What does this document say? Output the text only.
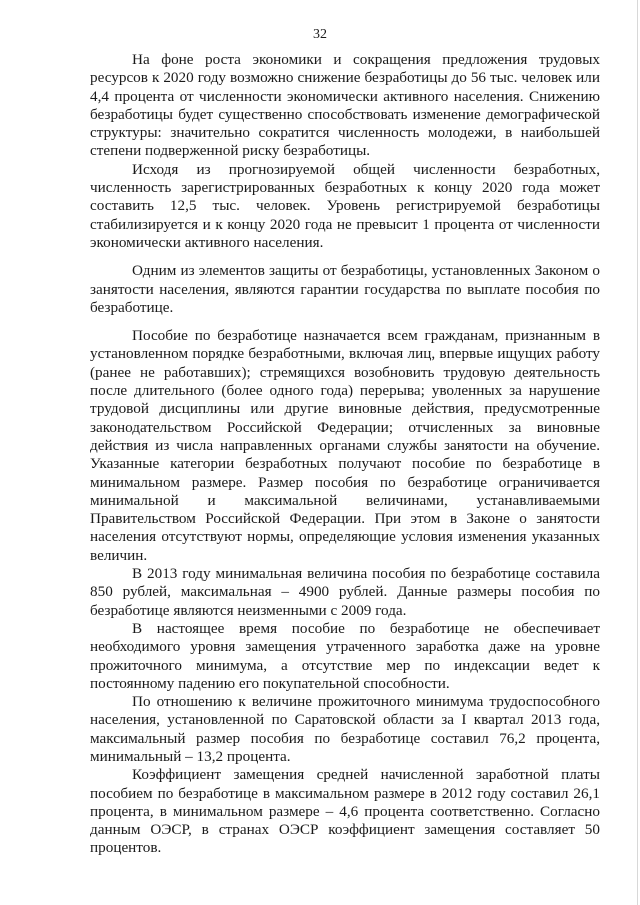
32

На фоне роста экономики и сокращения предложения трудовых ресурсов к 2020 году возможно снижение безработицы до 56 тыс. человек или 4,4 процента от численности экономически активного населения. Снижению безработицы будет существенно способствовать изменение демографической структуры: значительно сократится численность молодежи, в наибольшей степени подверженной риску безработицы.

Исходя из прогнозируемой общей численности безработных, численность зарегистрированных безработных к концу 2020 года может составить 12,5 тыс. человек. Уровень регистрируемой безработицы стабилизируется и к концу 2020 года не превысит 1 процента от численности экономически активного населения.

Одним из элементов защиты от безработицы, установленных Законом о занятости населения, являются гарантии государства по выплате пособия по безработице.

Пособие по безработице назначается всем гражданам, признанным в установленном порядке безработными, включая лиц, впервые ищущих работу (ранее не работавших); стремящихся возобновить трудовую деятельность после длительного (более одного года) перерыва; уволенных за нарушение трудовой дисциплины или другие виновные действия, предусмотренные законодательством Российской Федерации; отчисленных за виновные действия из числа направленных органами службы занятости на обучение. Указанные категории безработных получают пособие по безработице в минимальном размере. Размер пособия по безработице ограничивается минимальной и максимальной величинами, устанавливаемыми Правительством Российской Федерации. При этом в Законе о занятости населения отсутствуют нормы, определяющие условия изменения указанных величин.

В 2013 году минимальная величина пособия по безработице составила 850 рублей, максимальная – 4900 рублей. Данные размеры пособия по безработице являются неизменными с 2009 года.

В настоящее время пособие по безработице не обеспечивает необходимого уровня замещения утраченного заработка даже на уровне прожиточного минимума, а отсутствие мер по индексации ведет к постоянному падению его покупательной способности.

По отношению к величине прожиточного минимума трудоспособного населения, установленной по Саратовской области за I квартал 2013 года, максимальный размер пособия по безработице составил 76,2 процента, минимальный – 13,2 процента.

Коэффициент замещения средней начисленной заработной платы пособием по безработице в максимальном размере в 2012 году составил 26,1 процента, в минимальном размере – 4,6 процента соответственно. Согласно данным ОЭСР, в странах ОЭСР коэффициент замещения составляет 50 процентов.
